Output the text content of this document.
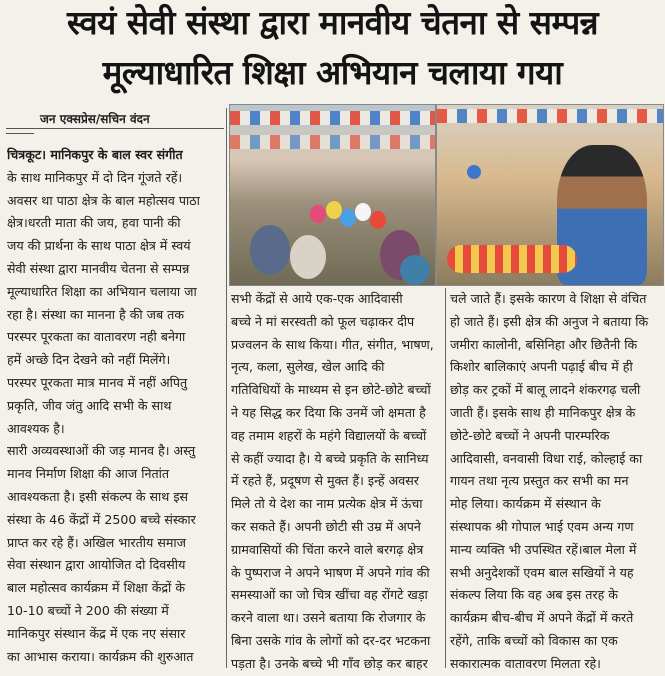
स्वयं सेवी संस्था द्वारा मानवीय चेतना से सम्पन्न
मूल्याधारित शिक्षा अभियान चलाया गया
जन एक्सप्रेस/सचिन वंदन
चित्रकूट। मानिकपुर के बाल स्वर संगीत
के साथ मानिकपुर में दो दिन गूंजते रहें।
अवसर था पाठा क्षेत्र के बाल महोत्सव पाठा
क्षेत्र।धरती माता की जय, हवा पानी की
जय की प्रार्थना के साथ पाठा क्षेत्र में स्वयं
सेवी संस्था द्वारा मानवीय चेतना से सम्पन्न
मूल्याधारित शिक्षा का अभियान चलाया जा
रहा है। संस्था का मानना है की जब तक
परस्पर पूरकता का वातावरण नही बनेगा
हमें अच्छे दिन देखने को नहीं मिलेंगे।
परस्पर पूरकता मात्र मानव में नहीं अपितु
प्रकृति, जीव जंतु आदि सभी के साथ
आवश्यक है।
सारी अव्यवस्थाओं की जड़ मानव है। अस्तु
मानव निर्माण शिक्षा की आज नितांत
आवश्यकता है। इसी संकल्प के साथ इस
संस्था के 46 केंद्रों में 2500 बच्चे संस्कार
प्राप्त कर रहे हैं। अखिल भारतीय समाज
सेवा संस्थान द्वारा आयोजित दो दिवसीय
बाल महोत्सव कार्यक्रम में शिक्षा केंद्रों के
10-10 बच्चों ने 200 की संख्या में
मानिकपुर संस्थान केंद्र में एक नए संसार
का आभास कराया। कार्यक्रम की शुरुआत
सभी केंद्रों से आये एक-एक आदिवासी
बच्चे ने मां सरस्वती को फूल चढ़ाकर दीप
प्रज्वलन के साथ किया। गीत, संगीत, भाषण,
नृत्य, कला, सुलेख, खेल आदि की
गतिविधियों के माध्यम से इन छोटे-छोटे बच्चों
ने यह सिद्ध कर दिया कि उनमें जो क्षमता है
वह तमाम शहरों के महंगे विद्यालयों के बच्चों
से कहीं ज्यादा है। ये बच्चे प्रकृति के सानिध्य
में रहते हैं, प्रदूषण से मुक्त हैं। इन्हें अवसर
मिले तो ये देश का नाम प्रत्येक क्षेत्र में ऊंचा
कर सकते हैं। अपनी छोटी सी उम्र में अपने
ग्रामवासियों की चिंता करने वाले बरगढ़ क्षेत्र
के पुष्पराज ने अपने भाषण में अपने गांव की
समस्याओं का जो चित्र खींचा वह रोंगटे खड़ा
करने वाला था। उसने बताया कि रोजगार के
बिना उसके गांव के लोगों को दर-दर भटकना
पड़ता है। उनके बच्चे भी गाँव छोड़ कर बाहर
चले जाते हैं। इसके कारण वे शिक्षा से वंचित
हो जाते हैं। इसी क्षेत्र की अनुज ने बताया कि
जमीरा कालोनी, बसिनिहा और छितैनी कि
किशोर बालिकाएं अपनी पढ़ाई बीच में ही
छोड़ कर ट्रकों में बालू लादने शंकरगढ़ चली
जाती हैं। इसके साथ ही मानिकपुर क्षेत्र के
छोटे-छोटे बच्चों ने अपनी पारम्परिक
आदिवासी, वनवासी विधा राई, कोल्हाई का
गायन तथा नृत्य प्रस्तुत कर सभी का मन
मोह लिया। कार्यक्रम में संस्थान के
संस्थापक श्री गोपाल भाई एवम अन्य गण
मान्य व्यक्ति भी उपस्थित रहें।बाल मेला में
सभी अनुदेशकों एवम बाल सखियों ने यह
संकल्प लिया कि वह अब इस तरह के
कार्यक्रम बीच-बीच में अपने केंद्रों में करते
रहेंगे, ताकि बच्चों को विकास का एक
सकारात्मक वातावरण मिलता रहे।
